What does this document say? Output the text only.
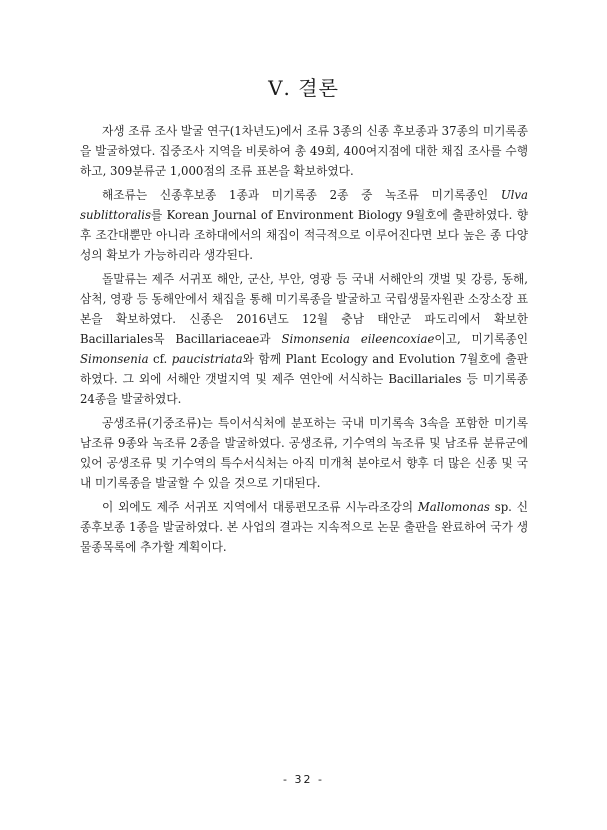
Ⅴ. 결론

자생 조류 조사 발굴 연구(1차년도)에서 조류 3종의 신종 후보종과 37종의 미기록종을 발굴하였다. 집중조사 지역을 비롯하여 총 49회, 400여지점에 대한 채집 조사를 수행하고, 309분류군 1,000점의 조류 표본을 확보하였다.

해조류는 신종후보종 1종과 미기록종 2종 중 녹조류 미기록종인 Ulva sublittoralis를 Korean Journal of Environment Biology 9월호에 출판하였다. 향후 조간대뿐만 아니라 조하대에서의 채집이 적극적으로 이루어진다면 보다 높은 종 다양성의 확보가 가능하리라 생각된다.

돌말류는 제주 서귀포 해안, 군산, 부안, 영광 등 국내 서해안의 갯벌 및 강릉, 동해, 삼척, 영광 등 동해안에서 채집을 통해 미기록종을 발굴하고 국립생물자원관 소장소장 표본을 확보하였다. 신종은 2016년도 12월 충남 태안군 파도리에서 확보한 Bacillariales목 Bacillariaceae과 Simonsenia eileencoxiae이고, 미기록종인 Simonsenia cf. paucistriata와 함께 Plant Ecology and Evolution 7월호에 출판하였다. 그 외에 서해안 갯벌지역 및 제주 연안에 서식하는 Bacillariales 등 미기록종 24종을 발굴하였다.

공생조류(기중조류)는 특이서식처에 분포하는 국내 미기록속 3속을 포함한 미기록 남조류 9종와 녹조류 2종을 발굴하였다. 공생조류, 기수역의 녹조류 및 남조류 분류군에 있어 공생조류 및 기수역의 특수서식처는 아직 미개척 분야로서 향후 더 많은 신종 및 국내 미기록종을 발굴할 수 있을 것으로 기대된다.

이 외에도 제주 서귀포 지역에서 대롱편모조류 시누라조강의 Mallomonas sp. 신종후보종 1종을 발굴하였다. 본 사업의 결과는 지속적으로 논문 출판을 완료하여 국가 생물종목록에 추가할 계획이다.

- 32 -
